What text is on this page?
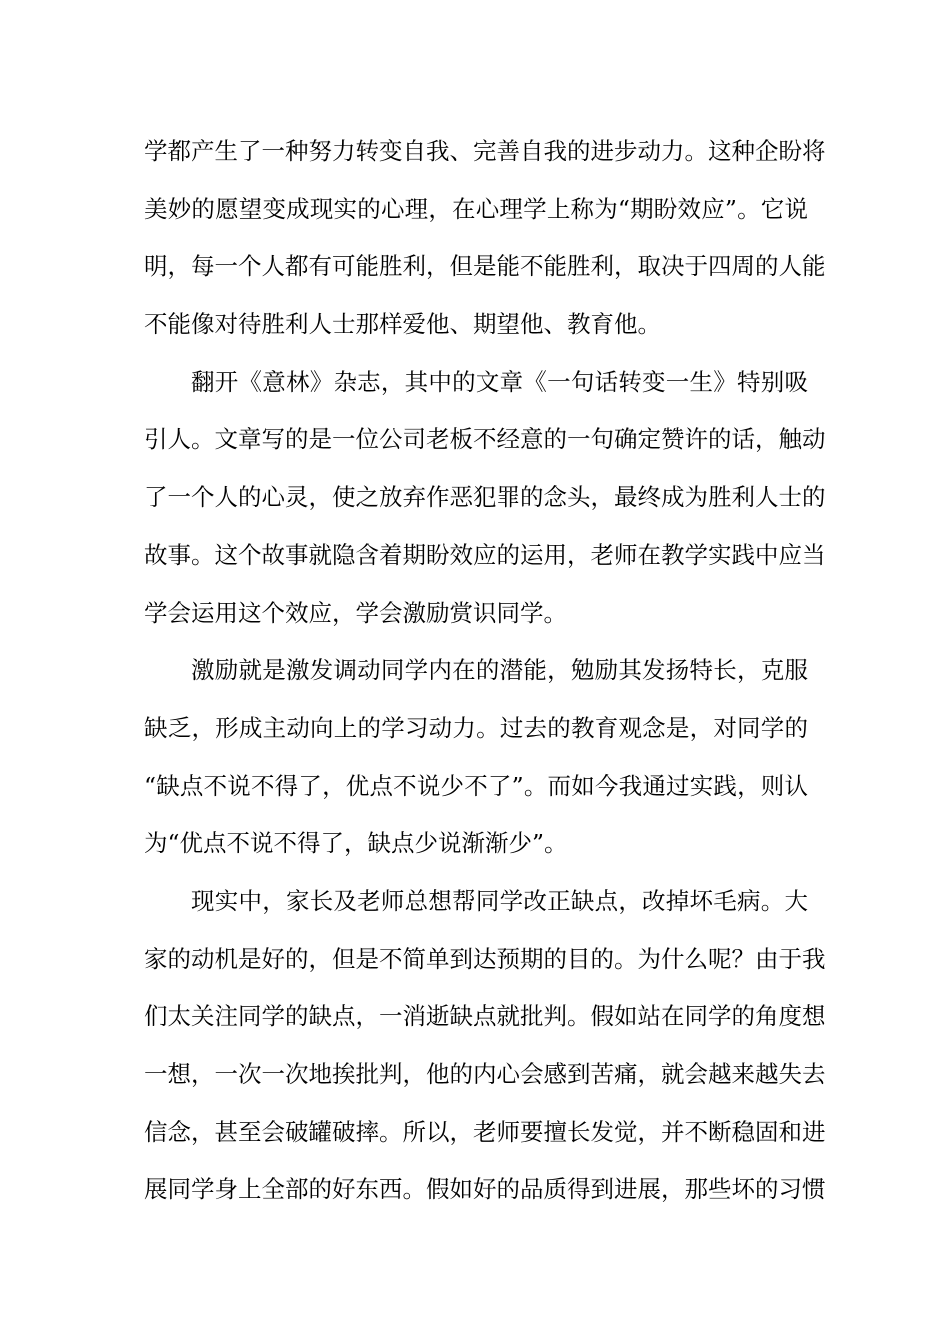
学都产生了一种努力转变自我、完善自我的进步动力。这种企盼将
美妙的愿望变成现实的心理，在心理学上称为“期盼效应”。它说
明，每一个人都有可能胜利，但是能不能胜利，取决于四周的人能
不能像对待胜利人士那样爱他、期望他、教育他。
翻开《意林》杂志，其中的文章《一句话转变一生》特别吸
引人。文章写的是一位公司老板不经意的一句确定赞许的话，触动
了一个人的心灵，使之放弃作恶犯罪的念头，最终成为胜利人士的
故事。这个故事就隐含着期盼效应的运用，老师在教学实践中应当
学会运用这个效应，学会激励赏识同学。
激励就是激发调动同学内在的潜能，勉励其发扬特长，克服
缺乏，形成主动向上的学习动力。过去的教育观念是，对同学的
“缺点不说不得了，优点不说少不了”。而如今我通过实践，则认
为“优点不说不得了，缺点少说渐渐少”。
现实中，家长及老师总想帮同学改正缺点，改掉坏毛病。大
家的动机是好的，但是不简单到达预期的目的。为什么呢？由于我
们太关注同学的缺点，一消逝缺点就批判。假如站在同学的角度想
一想，一次一次地挨批判，他的内心会感到苦痛，就会越来越失去
信念，甚至会破罐破摔。所以，老师要擅长发觉，并不断稳固和进
展同学身上全部的好东西。假如好的品质得到进展，那些坏的习惯
